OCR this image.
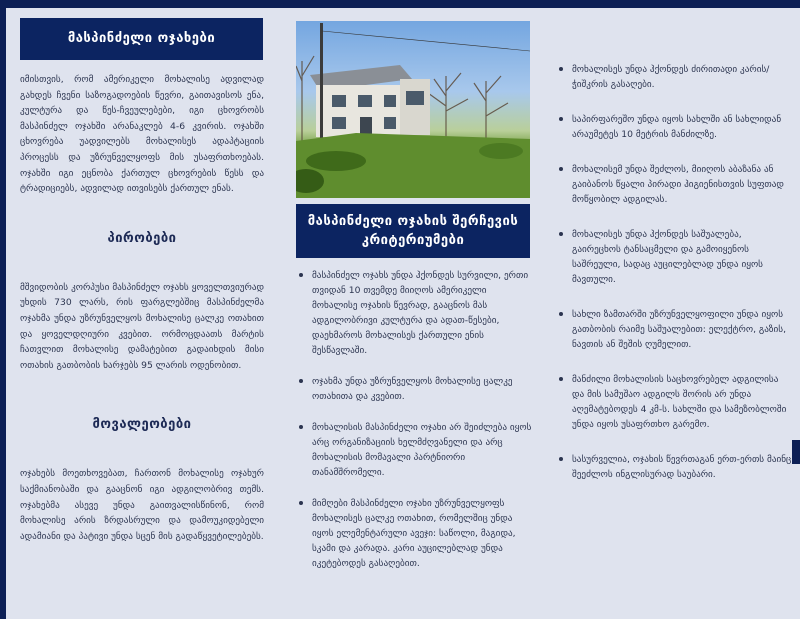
მასპინძელი ოჯახები

იმისთვის, რომ ამერიკელი მოხალისე ადვილად გახდეს ჩვენი საზოგადოების წევრი, გაითავისოს ენა, კულტურა და წეს-ჩვეულებები, იგი ცხოვრობს მასპინძელ ოჯახში არანაკლებ 4-6 კვირის. ოჯახში ცხოვრება უადვილებს მოხალისეს ადაპტაციის პროცესს და უზრუნველყოფს მის უსაფრთხოებას. ოჯახში იგი ეცნობა ქართულ ცხოვრების წესს და ტრადიციებს, ადვილად ითვისებს ქართულ ენას.

პირობები

მშვიდობის კორპუსი მასპინძელ ოჯახს ყოველთვიურად უხდის 730 ლარს, რის ფარგლებშიც მასპინძელმა ოჯახმა უნდა უზრუნველყოს მოხალისე ცალკე ოთახით და ყოველდღიური კვებით. ორმოცდაათს მარტის ჩათვლით მოხალისე დამატებით გადაიხდის მისი ოთახის გათბობის ხარჯებს 95 ლარის ოდენობით.

მოვალეობები

ოჯახებს მოეთხოვებათ, ჩართონ მოხალისე ოჯახურ საქმიანობაში და გააცნონ იგი ადგილობრივ თემს. ოჯახებმა ასევე უნდა გაითვალისწინონ, რომ მოხალისე არის ზრდასრული და დამოუკიდებელი ადამიანი და პატივი უნდა სცენ მის გადაწყვეტილებებს.

მასპინძელი ოჯახის შერჩევის კრიტერიუმები
მასპინძელ ოჯახს უნდა ჰქონდეს სურვილი, ერთი თვიდან 10 თვემდე მიიღოს ამერიკელი მოხალისე ოჯახის წევრად, გააცნოს მას ადგილობრივი კულტურა და ადათ-წესები, დაეხმაროს მოხალისეს ქართული ენის შესწავლაში.
ოჯახმა უნდა უზრუნველყოს მოხალისე ცალკე ოთახითა და კვებით.
მოხალისის მასპინძელი ოჯახი არ შეიძლება იყოს არც ორგანიზაციის ხელმძღვანელი და არც მოხალისის მომავალი პარტნიორი თანამშრომელი.
მიმღები მასპინძელი ოჯახი უზრუნველყოფს მოხალისეს ცალკე ოთახით, რომელშიც უნდა იყოს ელემენტარული ავეჯი: საწოლი, მაგიდა, სკამი და კარადა. კარი აუცილებლად უნდა იკეტებოდეს გასაღებით.
მოხალისეს უნდა ჰქონდეს ძირითადი კარის/ჭიშკრის გასაღები.
საპირფარეშო უნდა იყოს სახლში ან სახლიდან არაუმეტეს 10 მეტრის მანძილზე.
მოხალისემ უნდა შეძლოს, მიიღოს აბაზანა ან გაიბანოს წყალი პირადი ჰიგიენისთვის სუფთად მოწყობილ ადგილას.
მოხალისეს უნდა ჰქონდეს საშუალება, გაირეცხოს ტანსაცმელი და გამოიყენოს საშრეული, სადაც აუცილებლად უნდა იყოს მავთული.
სახლი ზამთარში უზრუნველყოფილი უნდა იყოს გათბობის რაიმე საშუალებით: ელექტრო, გაზის, ნავთის ან შეშის ღუმელით.
მანძილი მოხალისის საცხოვრებელ ადგილისა და მის სამუშაო ადგილს შორის არ უნდა აღემატებოდეს 4 კმ-ს. სახლში და სამეზობლოში უნდა იყოს უსაფრთხო გარემო.
სასურველია, ოჯახის წევრთაგან ერთ-ერთს მაინც შეეძლოს ინგლისურად საუბარი.
